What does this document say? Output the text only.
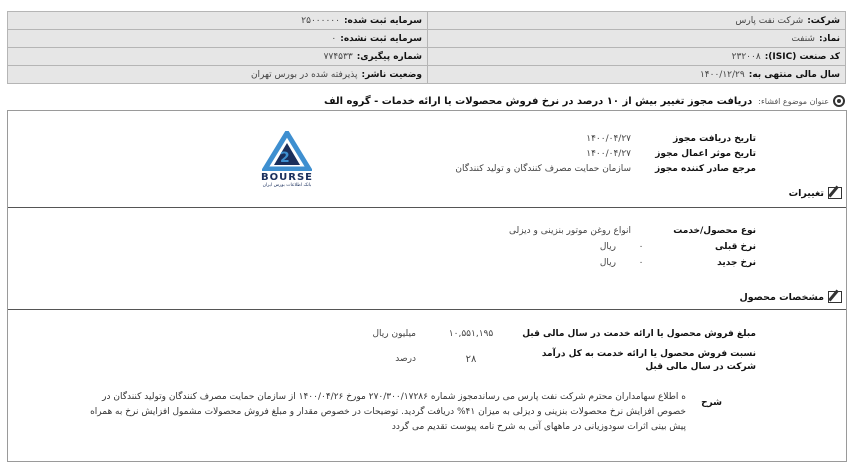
شرکت:شرکت نفت پارس	سرمایه ثبت شده:۲۵۰۰۰۰۰۰
نماد:شنفت	سرمایه ثبت نشده:۰
کد صنعت (ISIC):۲۳۲۰۰۸	شماره پیگیری:۷۷۴۵۳۳
سال مالی منتهی به:۱۴۰۰/۱۲/۲۹	وضعیت ناشر:پذیرفته شده در بورس تهران
عنوان موضوع افشاء:
دریافت مجوز تغییر بیش از ۱۰ درصد در نرخ فروش محصولات یا ارائه خدمات - گروه الف
تاریخ دریافت مجوز
۱۴۰۰/۰۴/۲۷
تاریخ موثر اعمال مجوز
۱۴۰۰/۰۴/۲۷
مرجع صادر کننده مجوز
سازمان حمایت مصرف کنندگان و تولید کنندگان
2
BOURSE
بانک اطلاعات بورس ایران
تغییرات
نوع محصول/خدمت
انواع روغن موتور بنزینی و دیزلی
نرخ قبلی
۰
ریال
نرخ جدید
۰
ریال
مشخصات محصول
مبلغ فروش محصول یا ارائه خدمت در سال مالی قبل
۱۰,۵۵۱,۱۹۵
میلیون ریال
نسبت فروش محصول یا ارائه خدمت به کل درآمد
شرکت در سال مالی قبل
۲۸
درصد
شرح
ه اطلاع سهامداران محترم شرکت نفت پارس می رساندمجوز شماره ۲۷۰/۳۰۰/۱۷۲۸۶ مورخ ۱۴۰۰/۰۴/۲۶ از سازمان حمایت مصرف کنندگان وتولید کنندگان در خصوص افزایش نرخ محصولات بنزینی و دیزلی به میزان ۴۱% دریافت گردید. توضیحات در خصوص مقدار و مبلغ فروش محصولات مشمول افزایش نرخ به همراه پیش بینی اثرات سودوزیانی در ماههای آتی به شرح نامه پیوست تقدیم می گردد
